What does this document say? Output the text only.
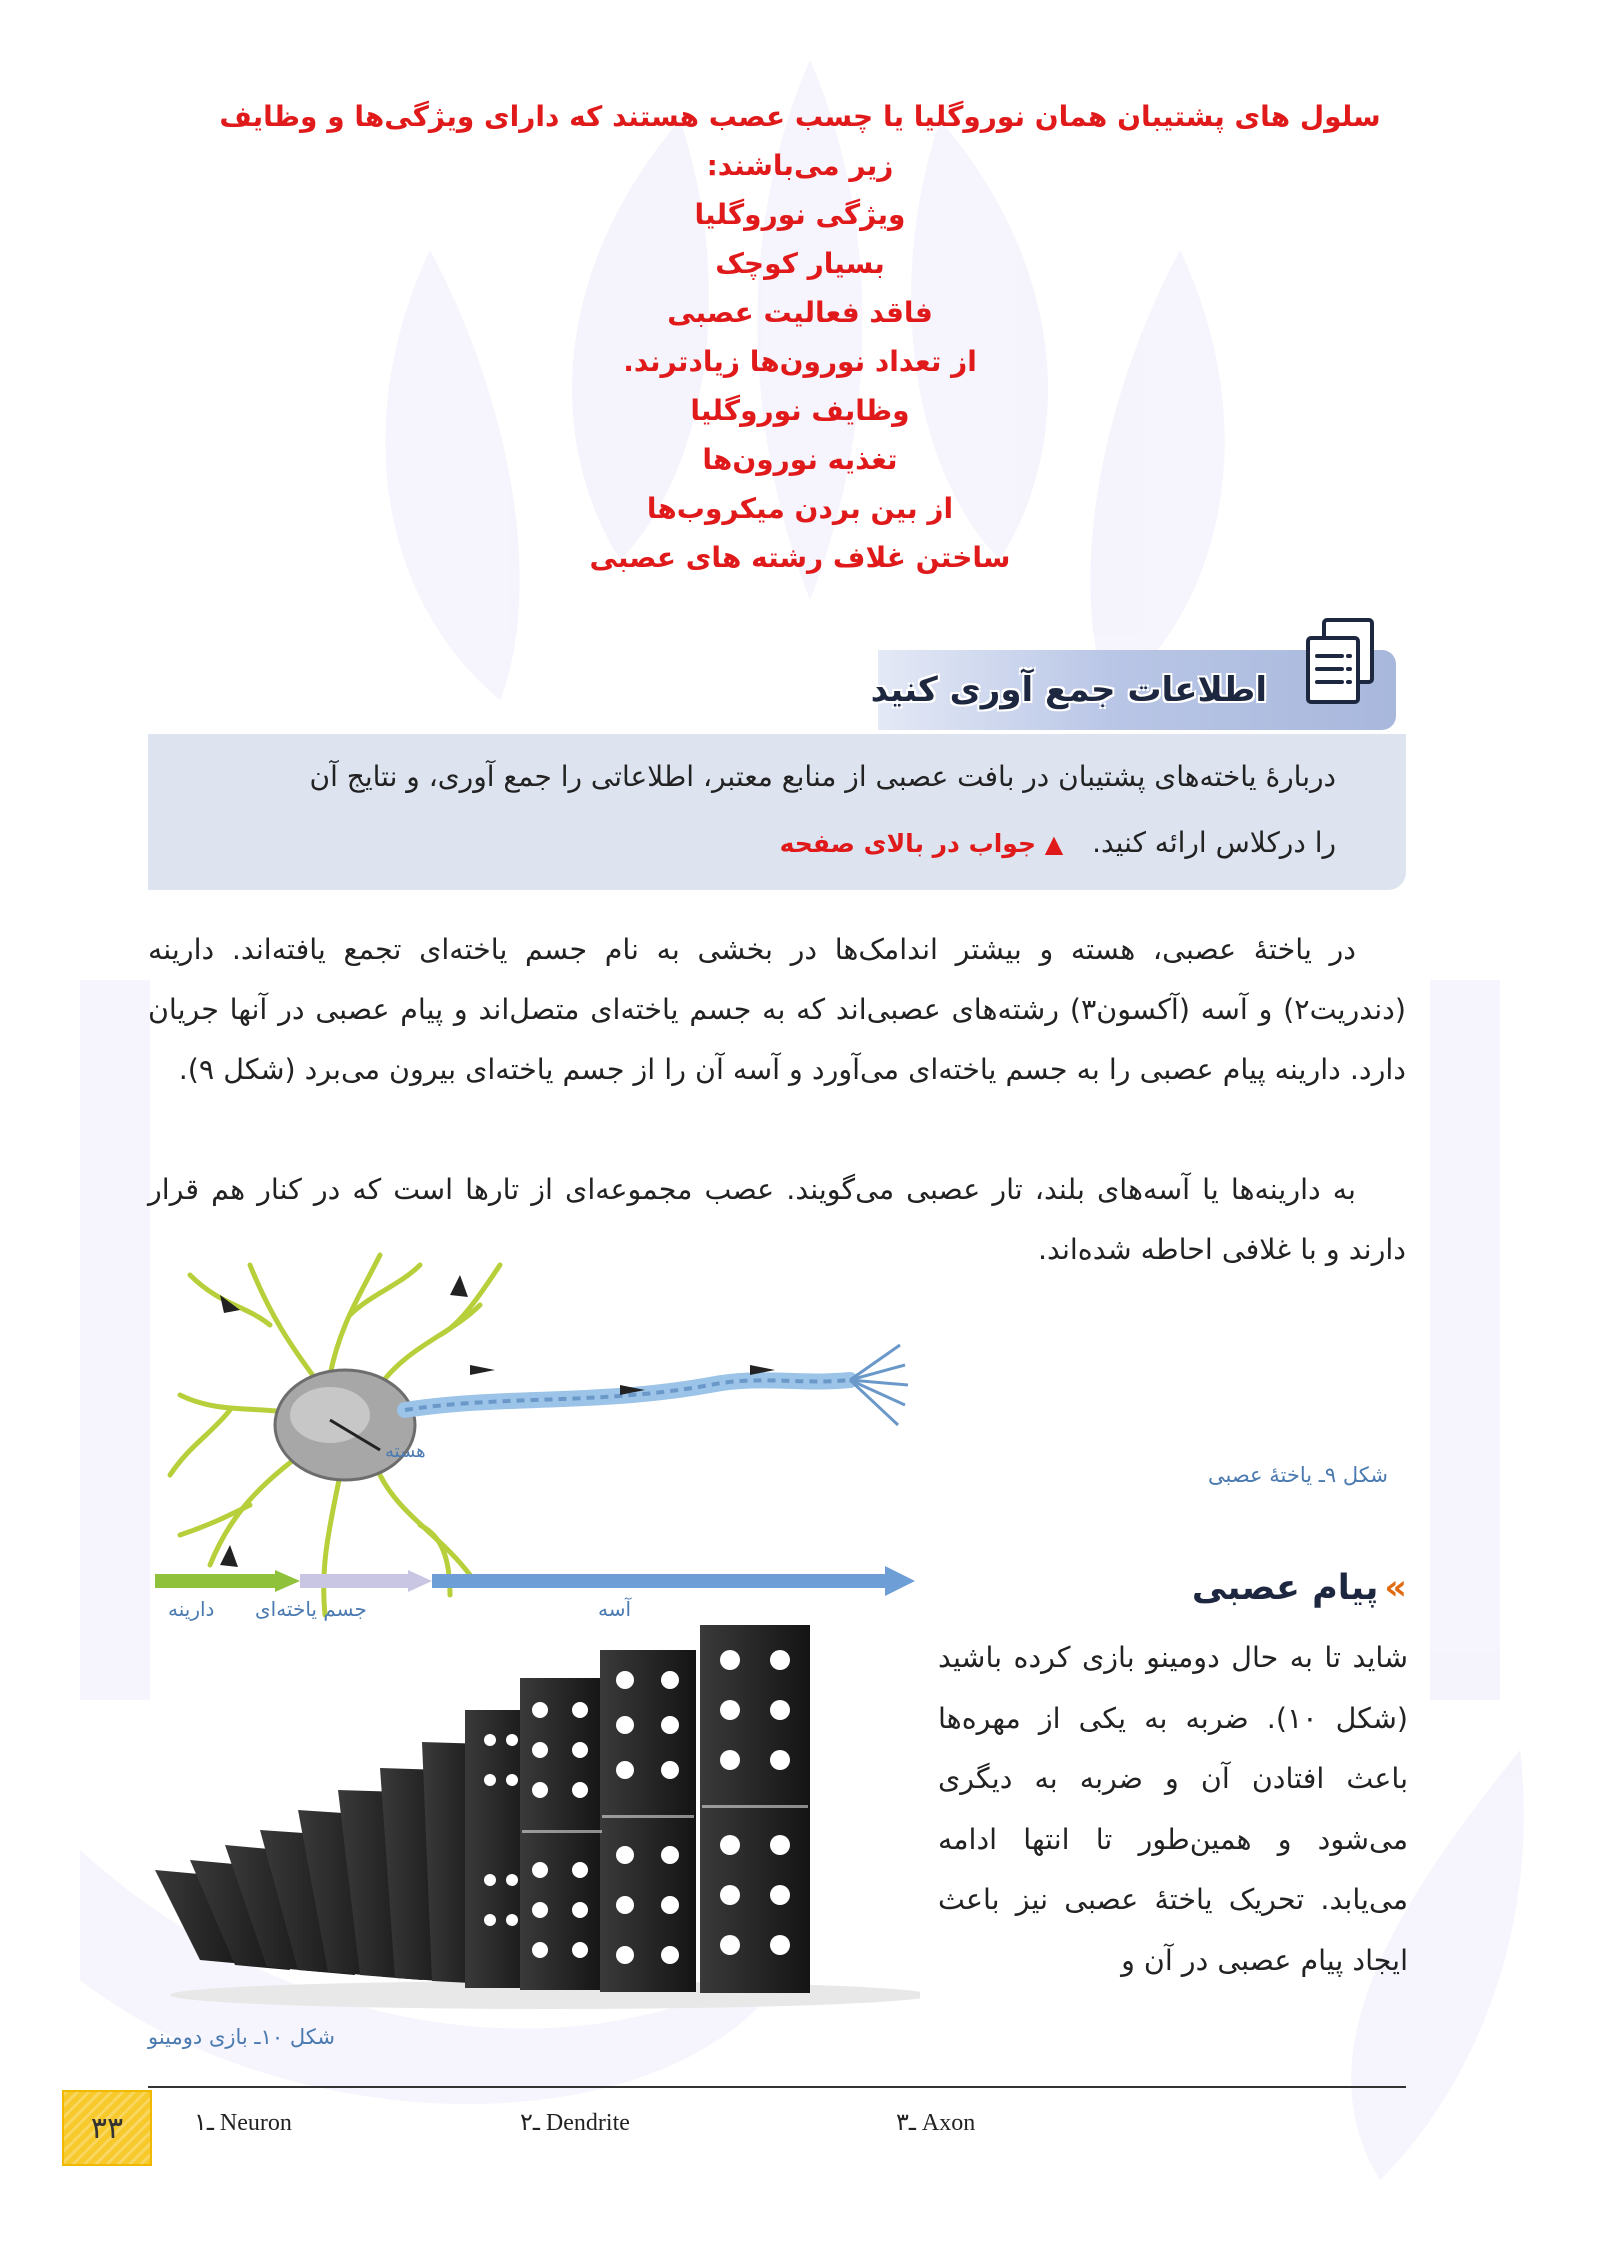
سلول های پشتیبان همان نوروگلیا یا چسب عصب هستند که دارای ویژگی‌ها و وظایف
زیر می‌باشند:
ویژگی نوروگلیا
بسیار کوچک
فاقد فعالیت عصبی
از تعداد نورون‌ها زیادترند.
وظایف نوروگلیا
تغذیه نورون‌ها
از بین بردن میکروب‌ها
ساختن غلاف رشته های عصبی
اطلاعات جمع آوری کنید
دربارهٔ یاخته‌های پشتیبان در بافت عصبی از منابع معتبر، اطلاعاتی را جمع آوری، و نتایج آن
را درکلاس ارائه کنید. ▲ جواب در بالای صفحه
در یاختهٔ عصبی، هسته و بیشتر اندامک‌ها در بخشی به نام جسم یاخته‌ای تجمع یافته‌اند. دارینه (دندریت۲) و آسه (آکسون۳) رشته‌های عصبی‌اند که به جسم یاخته‌ای متصل‌اند و پیام عصبی در آنها جریان دارد. دارینه پیام عصبی را به جسم یاخته‌ای می‌آورد و آسه آن را از جسم یاخته‌ای بیرون می‌برد (شکل ۹).
به دارینه‌ها یا آسه‌های بلند، تار عصبی می‌گویند. عصب مجموعه‌ای از تارها است که در کنار هم قرار دارند و با غلافی احاطه شده‌اند.
هسته
شکل ۹ـ یاختهٔ عصبی
دارینه جسم یاخته‌ای	آسه
شکل ۱۰ـ بازی دومینو
»پیام عصبی
شاید تا به حال دومینو بازی کرده باشید (شکل ۱۰). ضربه به یکی از مهره‌ها باعث افتادن آن و ضربه به دیگری می‌شود و همین‌طور تا انتها ادامه می‌یابد. تحریک یاختهٔ عصبی نیز باعث ایجاد پیام عصبی در آن و
۳۳	۱ـ Neuron	۲ـ Dendrite	۳ـ Axon
